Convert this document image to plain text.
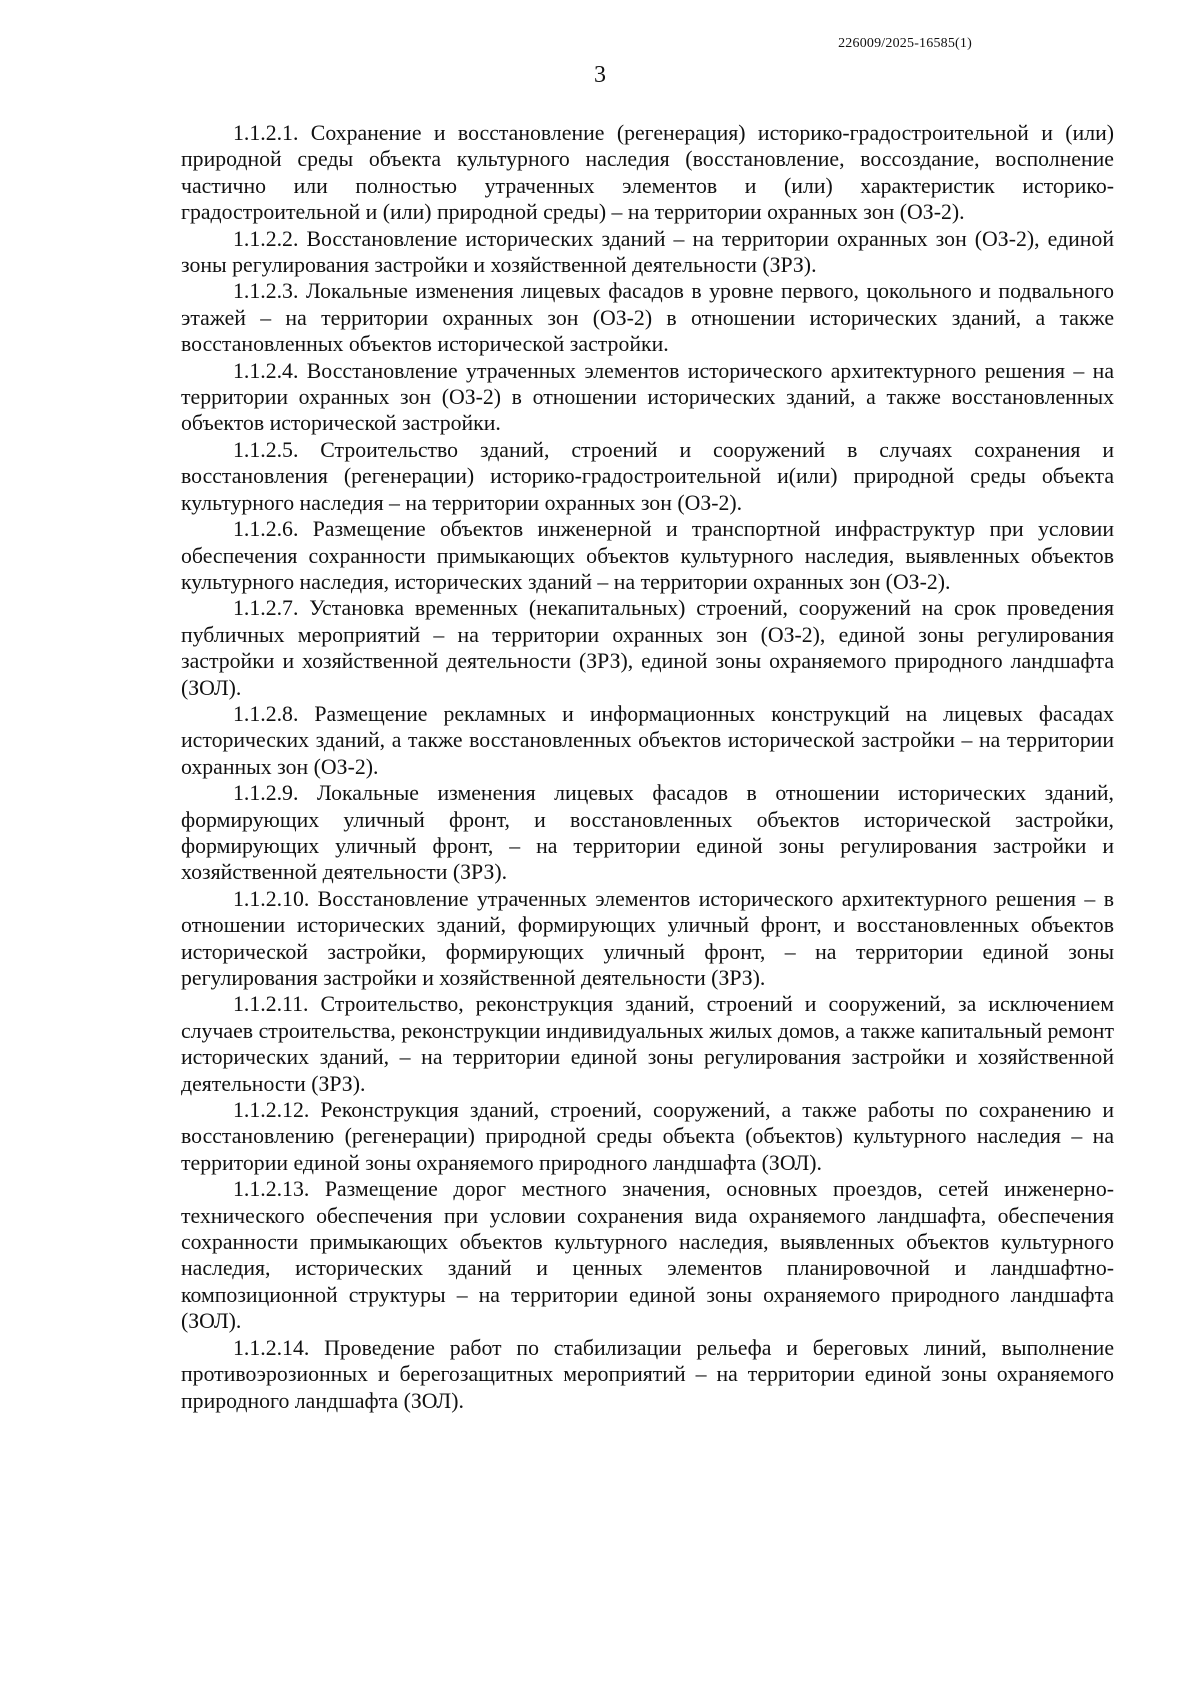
226009/2025-16585(1)
3

1.1.2.1. Сохранение и восстановление (регенерация) историко-градостроительной и (или) природной среды объекта культурного наследия (восстановление, воссоздание, восполнение частично или полностью утраченных элементов и (или) характеристик историко-градостроительной и (или) природной среды) – на территории охранных зон (ОЗ-2).

1.1.2.2. Восстановление исторических зданий – на территории охранных зон (ОЗ-2), единой зоны регулирования застройки и хозяйственной деятельности (ЗРЗ).

1.1.2.3. Локальные изменения лицевых фасадов в уровне первого, цокольного и подвального этажей – на территории охранных зон (ОЗ-2) в отношении исторических зданий, а также восстановленных объектов исторической застройки.

1.1.2.4. Восстановление утраченных элементов исторического архитектурного решения – на территории охранных зон (ОЗ-2) в отношении исторических зданий, а также восстановленных объектов исторической застройки.

1.1.2.5. Строительство зданий, строений и сооружений в случаях сохранения и восстановления (регенерации) историко-градостроительной и(или) природной среды объекта культурного наследия – на территории охранных зон (ОЗ-2).

1.1.2.6. Размещение объектов инженерной и транспортной инфраструктур при условии обеспечения сохранности примыкающих объектов культурного наследия, выявленных объектов культурного наследия, исторических зданий – на территории охранных зон (ОЗ-2).

1.1.2.7. Установка временных (некапитальных) строений, сооружений на срок проведения публичных мероприятий – на территории охранных зон (ОЗ-2), единой зоны регулирования застройки и хозяйственной деятельности (ЗРЗ), единой зоны охраняемого природного ландшафта (ЗОЛ).

1.1.2.8. Размещение рекламных и информационных конструкций на лицевых фасадах исторических зданий, а также восстановленных объектов исторической застройки – на территории охранных зон (ОЗ-2).

1.1.2.9. Локальные изменения лицевых фасадов в отношении исторических зданий, формирующих уличный фронт, и восстановленных объектов исторической застройки, формирующих уличный фронт, – на территории единой зоны регулирования застройки и хозяйственной деятельности (ЗРЗ).

1.1.2.10. Восстановление утраченных элементов исторического архитектурного решения – в отношении исторических зданий, формирующих уличный фронт, и восстановленных объектов исторической застройки, формирующих уличный фронт, – на территории единой зоны регулирования застройки и хозяйственной деятельности (ЗРЗ).

1.1.2.11. Строительство, реконструкция зданий, строений и сооружений, за исключением случаев строительства, реконструкции индивидуальных жилых домов, а также капитальный ремонт исторических зданий, – на территории единой зоны регулирования застройки и хозяйственной деятельности (ЗРЗ).

1.1.2.12. Реконструкция зданий, строений, сооружений, а также работы по сохранению и восстановлению (регенерации) природной среды объекта (объектов) культурного наследия – на территории единой зоны охраняемого природного ландшафта (ЗОЛ).

1.1.2.13. Размещение дорог местного значения, основных проездов, сетей инженерно-технического обеспечения при условии сохранения вида охраняемого ландшафта, обеспечения сохранности примыкающих объектов культурного наследия, выявленных объектов культурного наследия, исторических зданий и ценных элементов планировочной и ландшафтно-композиционной структуры – на территории единой зоны охраняемого природного ландшафта (ЗОЛ).

1.1.2.14. Проведение работ по стабилизации рельефа и береговых линий, выполнение противоэрозионных и берегозащитных мероприятий – на территории единой зоны охраняемого природного ландшафта (ЗОЛ).
